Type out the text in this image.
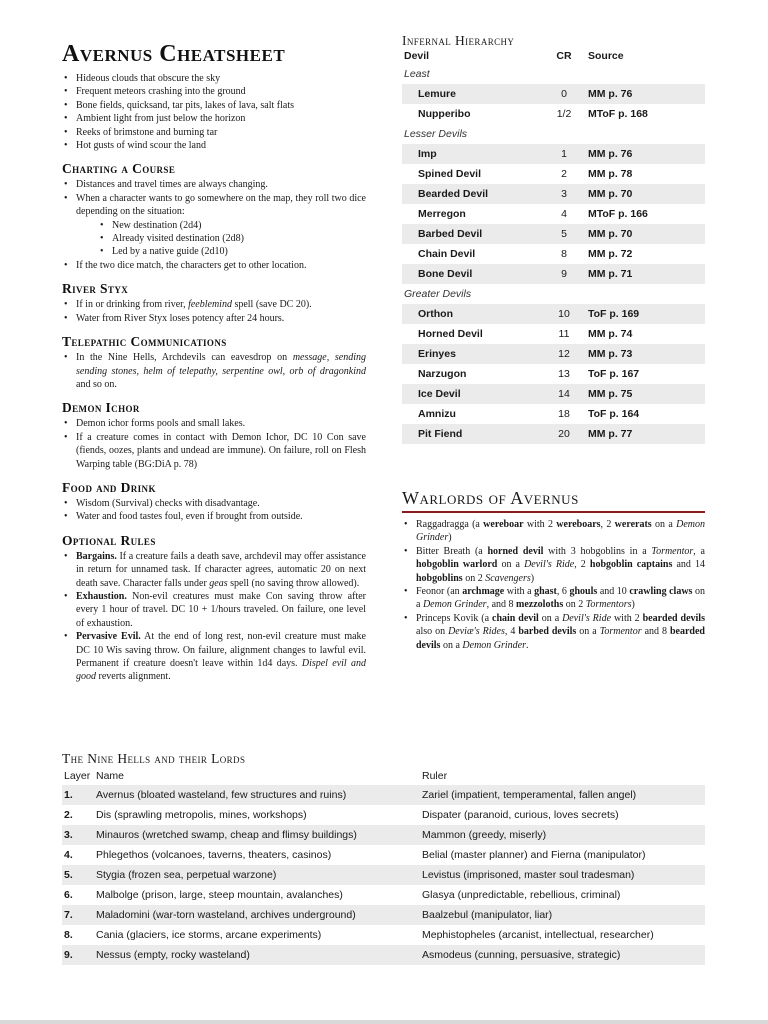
Avernus Cheatsheet
• Hideous clouds that obscure the sky
• Frequent meteors crashing into the ground
• Bone fields, quicksand, tar pits, lakes of lava, salt flats
• Ambient light from just below the horizon
• Reeks of brimstone and burning tar
• Hot gusts of wind scour the land
Charting a Course
• Distances and travel times are always changing.
• When a character wants to go somewhere on the map, they roll two dice depending on the situation:
• New destination (2d4)
• Already visited destination (2d8)
• Led by a native guide (2d10)
• If the two dice match, the characters get to other location.
River Styx
• If in or drinking from river, feeblemind spell (save DC 20).
• Water from River Styx loses potency after 24 hours.
Telepathic Communications
• In the Nine Hells, Archdevils can eavesdrop on message, sending sending stones, helm of telepathy, serpentine owl, orb of dragonkind and so on.
Demon Ichor
• Demon ichor forms pools and small lakes.
• If a creature comes in contact with Demon Ichor, DC 10 Con save (fiends, oozes, plants and undead are immune). On failure, roll on Flesh Warping table (BG:DiA p. 78)
Food and Drink
• Wisdom (Survival) checks with disadvantage.
• Water and food tastes foul, even if brought from outside.
Optional Rules
• Bargains. If a creature fails a death save, archdevil may offer assistance in return for unnamed task. If character agrees, automatic 20 on next death save. Character falls under geas spell (no saving throw allowed).
• Exhaustion. Non-evil creatures must make Con saving throw after every 1 hour of travel. DC 10 + 1/hours traveled. On failure, one level of exhaustion.
• Pervasive Evil. At the end of long rest, non-evil creature must make DC 10 Wis saving throw. On failure, alignment changes to lawful evil. Permanent if creature doesn't leave within 1d4 days. Dispel evil and good reverts alignment.
Infernal Hierarchy
Devil	CR	Source
Least
Lemure	0	MM p. 76
Nupperibo	1/2	MToF p. 168
Lesser Devils
Imp	1	MM p. 76
Spined Devil	2	MM p. 78
Bearded Devil	3	MM p. 70
Merregon	4	MToF p. 166
Barbed Devil	5	MM p. 70
Chain Devil	8	MM p. 72
Bone Devil	9	MM p. 71
Greater Devils
Orthon	10	ToF p. 169
Horned Devil	11	MM p. 74
Erinyes	12	MM p. 73
Narzugon	13	ToF p. 167
Ice Devil	14	MM p. 75
Amnizu	18	ToF p. 164
Pit Fiend	20	MM p. 77
Warlords of Avernus
• Raggadragga (a wereboar with 2 wereboars, 2 wererats on a Demon Grinder)
• Bitter Breath (a horned devil with 3 hobgoblins in a Tormentor, a hobgoblin warlord on a Devil's Ride, 2 hobgoblin captains and 14 hobgoblins on 2 Scavengers)
• Feonor (an archmage with a ghast, 6 ghouls and 10 crawling claws on a Demon Grinder, and 8 mezzoloths on 2 Tormentors)
• Princeps Kovik (a chain devil on a Devil's Ride with 2 bearded devils also on Deviæ's Rides, 4 barbed devils on a Tormentor and 8 bearded devils on a Demon Grinder.
The Nine Hells and their Lords
Layer Name	Ruler
1.	Avernus (bloated wasteland, few structures and ruins)	Zariel (impatient, temperamental, fallen angel)
2.	Dis (sprawling metropolis, mines, workshops)	Dispater (paranoid, curious, loves secrets)
3.	Minauros (wretched swamp, cheap and flimsy buildings)	Mammon (greedy, miserly)
4.	Phlegethos (volcanoes, taverns, theaters, casinos)	Belial (master planner) and Fierna (manipulator)
5.	Stygia (frozen sea, perpetual warzone)	Levistus (imprisoned, master soul tradesman)
6.	Malbolge (prison, large, steep mountain, avalanches)	Glasya (unpredictable, rebellious, criminal)
7.	Maladomini (war-torn wasteland, archives underground)	Baalzebul (manipulator, liar)
8.	Cania (glaciers, ice storms, arcane experiments)	Mephistopheles (arcanist, intellectual, researcher)
9.	Nessus (empty, rocky wasteland)	Asmodeus (cunning, persuasive, strategic)
